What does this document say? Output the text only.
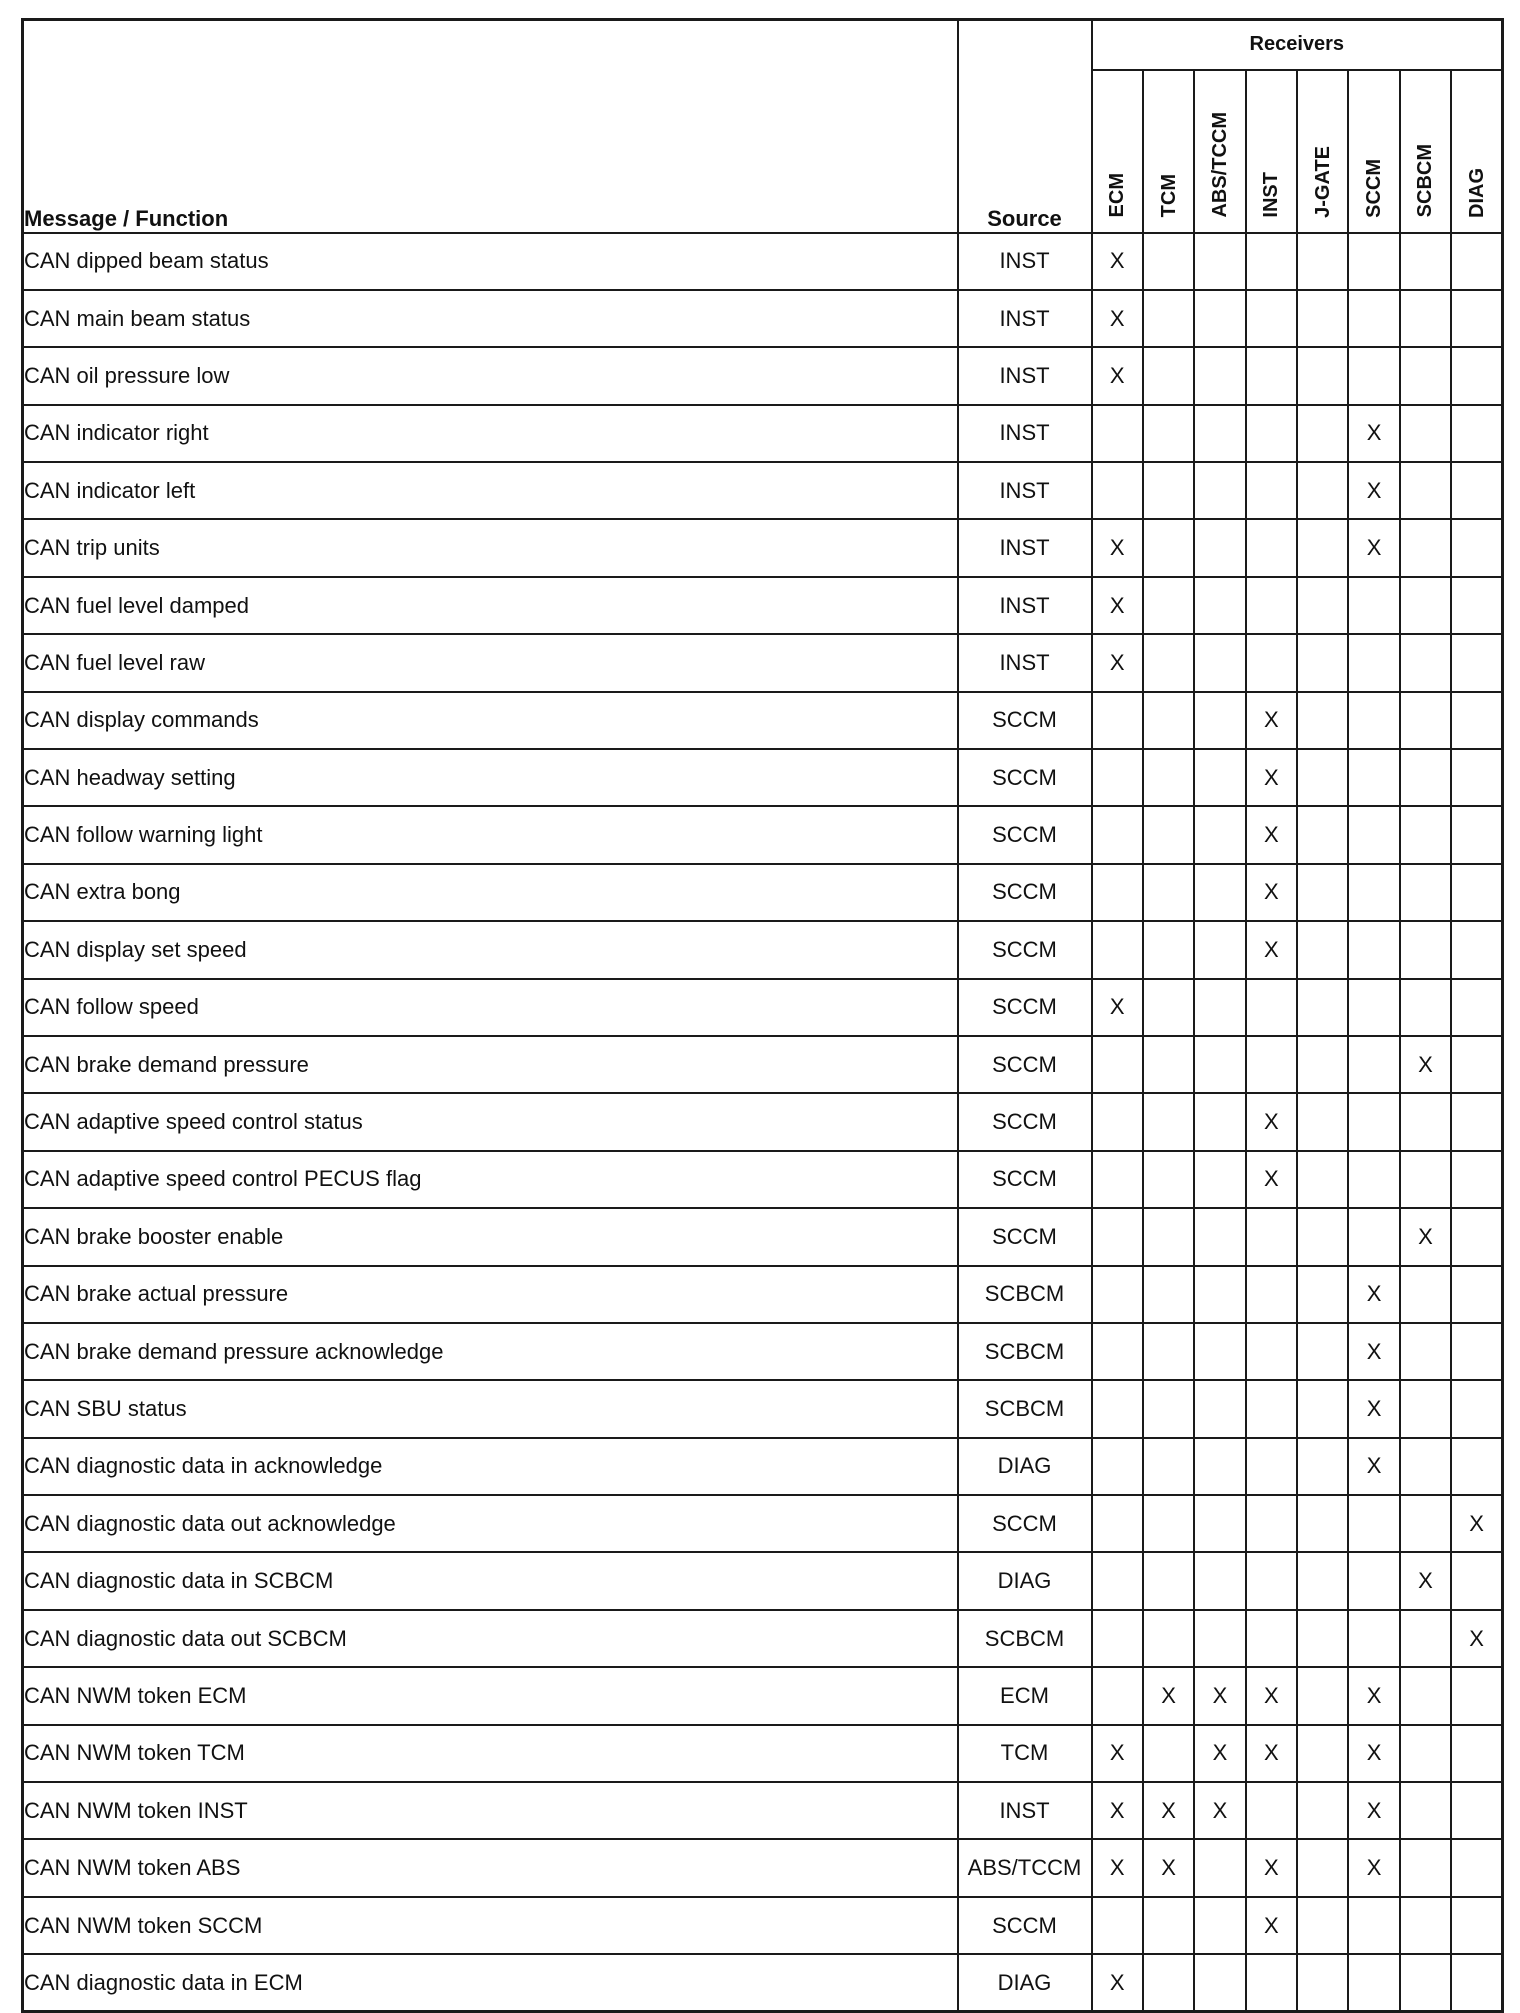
Message / Function	Source	Receivers							

		ECM	TCM	ABS/TCCM	INST	J-GATE	SCCM	SCBCM	DIAG

CAN dipped beam status	INST	X							
CAN main beam status	INST	X							
CAN oil pressure low	INST	X							
CAN indicator right	INST						X		
CAN indicator left	INST						X		
CAN trip units	INST	X					X		
CAN fuel level damped	INST	X							
CAN fuel level raw	INST	X							
CAN display commands	SCCM				X				
CAN headway setting	SCCM				X				
CAN follow warning light	SCCM				X				
CAN extra bong	SCCM				X				
CAN display set speed	SCCM				X				
CAN follow speed	SCCM	X							
CAN brake demand pressure	SCCM							X	
CAN adaptive speed control status	SCCM				X				
CAN adaptive speed control PECUS flag	SCCM				X				
CAN brake booster enable	SCCM							X	
CAN brake actual pressure	SCBCM						X		
CAN brake demand pressure acknowledge	SCBCM						X		
CAN SBU status	SCBCM						X		
CAN diagnostic data in acknowledge	DIAG						X		
CAN diagnostic data out acknowledge	SCCM								X
CAN diagnostic data in SCBCM	DIAG							X	
CAN diagnostic data out SCBCM	SCBCM								X
CAN NWM token ECM	ECM		X	X	X		X		
CAN NWM token TCM	TCM	X		X	X		X		
CAN NWM token INST	INST	X	X	X			X		
CAN NWM token ABS	ABS/TCCM	X	X		X		X		
CAN NWM token SCCM	SCCM				X				
CAN diagnostic data in ECM	DIAG	X							
